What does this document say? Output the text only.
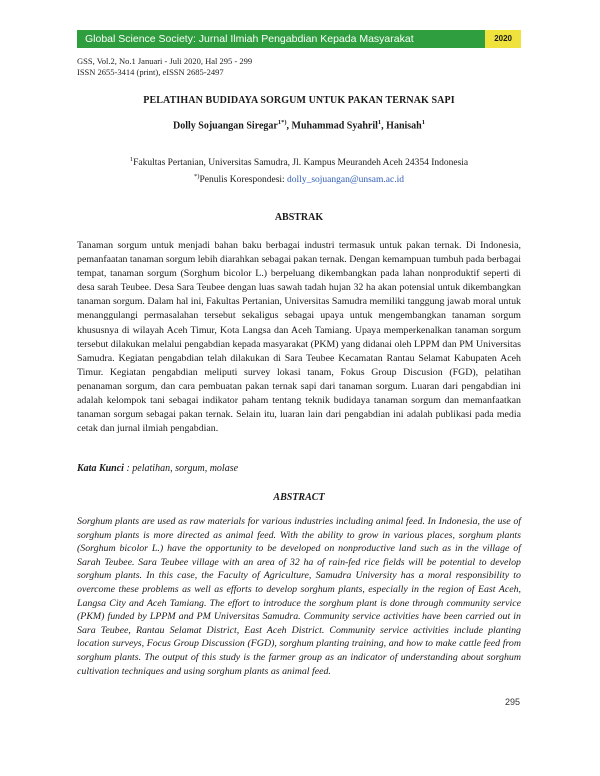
Global Science Society: Jurnal Ilmiah Pengabdian Kepada Masyarakat	2020
GSS, Vol.2, No.1 Januari - Juli 2020, Hal 295 - 299
ISSN 2655-3414 (print), eISSN 2685-2497
PELATIHAN BUDIDAYA SORGUM UNTUK PAKAN TERNAK SAPI
Dolly Sojuangan Siregar$^{1*)}$, Muhammad Syahril$^1$, Hanisah$^1$
$^1$Fakultas Pertanian, Universitas Samudra, Jl. Kampus Meurandeh Aceh 24354 Indonesia
*)Penulis Korespondesi: dolly_sojuangan@unsam.ac.id
ABSTRAK

Tanaman sorgum untuk menjadi bahan baku berbagai industri termasuk untuk pakan ternak. Di Indonesia, pemanfaatan tanaman sorgum lebih diarahkan sebagai pakan ternak. Dengan kemampuan tumbuh pada berbagai tempat, tanaman sorgum (Sorghum bicolor L.) berpeluang dikembangkan pada lahan nonproduktif seperti di desa sarah Teubee. Desa Sara Teubee dengan luas sawah tadah hujan 32 ha akan potensial untuk dikembangkan tanaman sorgum. Dalam hal ini, Fakultas Pertanian, Universitas Samudra memiliki tanggung jawab moral untuk menanggulangi permasalahan tersebut sekaligus sebagai upaya untuk mengembangkan tanaman sorgum khususnya di wilayah Aceh Timur, Kota Langsa dan Aceh Tamiang. Upaya memperkenalkan tanaman sorgum tersebut dilakukan melalui pengabdian kepada masyarakat (PKM) yang didanai oleh LPPM dan PM Universitas Samudra. Kegiatan pengabdian telah dilakukan di Sara Teubee Kecamatan Rantau Selamat Kabupaten Aceh Timur. Kegiatan pengabdian meliputi survey lokasi tanam, Fokus Group Discusion (FGD), pelatihan penanaman sorgum, dan cara pembuatan pakan ternak sapi dari tanaman sorgum. Luaran dari pengabdian ini adalah kelompok tani sebagai indikator paham tentang teknik budidaya tanaman sorgum dan memanfaatkan tanaman sorgum sebagai pakan ternak. Selain itu, luaran lain dari pengabdian ini adalah publikasi pada media cetak dan jurnal ilmiah pengabdian.

Kata Kunci : pelatihan, sorgum, molase
ABSTRACT

Sorghum plants are used as raw materials for various industries including animal feed. In Indonesia, the use of sorghum plants is more directed as animal feed. With the ability to grow in various places, sorghum plants (Sorghum bicolor L.) have the opportunity to be developed on nonproductive land such as in the village of Sarah Teubee. Sara Teubee village with an area of 32 ha of rain-fed rice fields will be potential to develop sorghum plants. In this case, the Faculty of Agriculture, Samudra University has a moral responsibility to overcome these problems as well as efforts to develop sorghum plants, especially in the region of East Aceh, Langsa City and Aceh Tamiang. The effort to introduce the sorghum plant is done through community service (PKM) funded by LPPM and PM Universitas Samudra. Community service activities have been carried out in Sara Teubee, Rantau Selamat District, East Aceh District. Community service activities include planting location surveys, Focus Group Discussion (FGD), sorghum planting training, and how to make cattle feed from sorghum plants. The output of this study is the farmer group as an indicator of understanding about sorghum cultivation techniques and using sorghum plants as animal feed.

295
